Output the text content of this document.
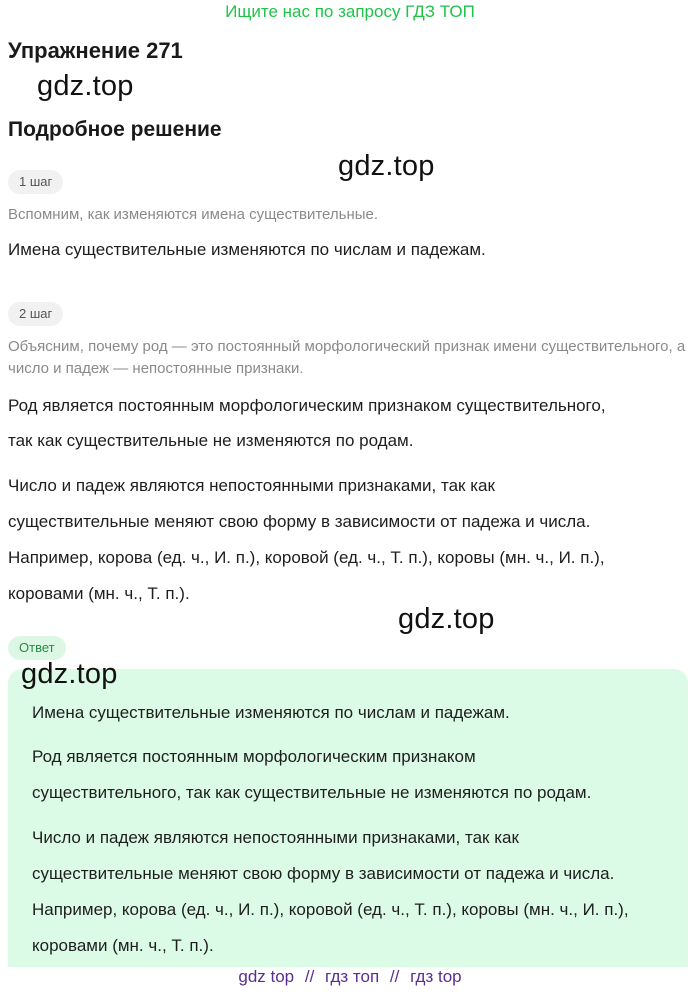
Ищите нас по запросу ГДЗ ТОП
Упражнение 271
Подробное решение
gdz.top
gdz.top
gdz.top
1 шаг
Вспомним, как изменяются имена существительные.
Имена существительные изменяются по числам и падежам.
2 шаг
Объясним, почему род — это постоянный морфологический признак имени существительного, а число и падеж — непостоянные признаки.
Род является постоянным морфологическим признаком существительного,
так как существительные не изменяются по родам.
Число и падеж являются непостоянными признаками, так как
существительные меняют свою форму в зависимости от падежа и числа.
Например, корова (ед. ч., И. п.), коровой (ед. ч., Т. п.), коровы (мн. ч., И. п.),
коровами (мн. ч., Т. п.).
Ответ
gdz.top
Имена существительные изменяются по числам и падежам.
Род является постоянным морфологическим признаком
существительного, так как существительные не изменяются по родам.
Число и падеж являются непостоянными признаками, так как
существительные меняют свою форму в зависимости от падежа и числа.
Например, корова (ед. ч., И. п.), коровой (ед. ч., Т. п.), коровы (мн. ч., И. п.),
коровами (мн. ч., Т. п.).
gdz top // гдз топ // гдз top
